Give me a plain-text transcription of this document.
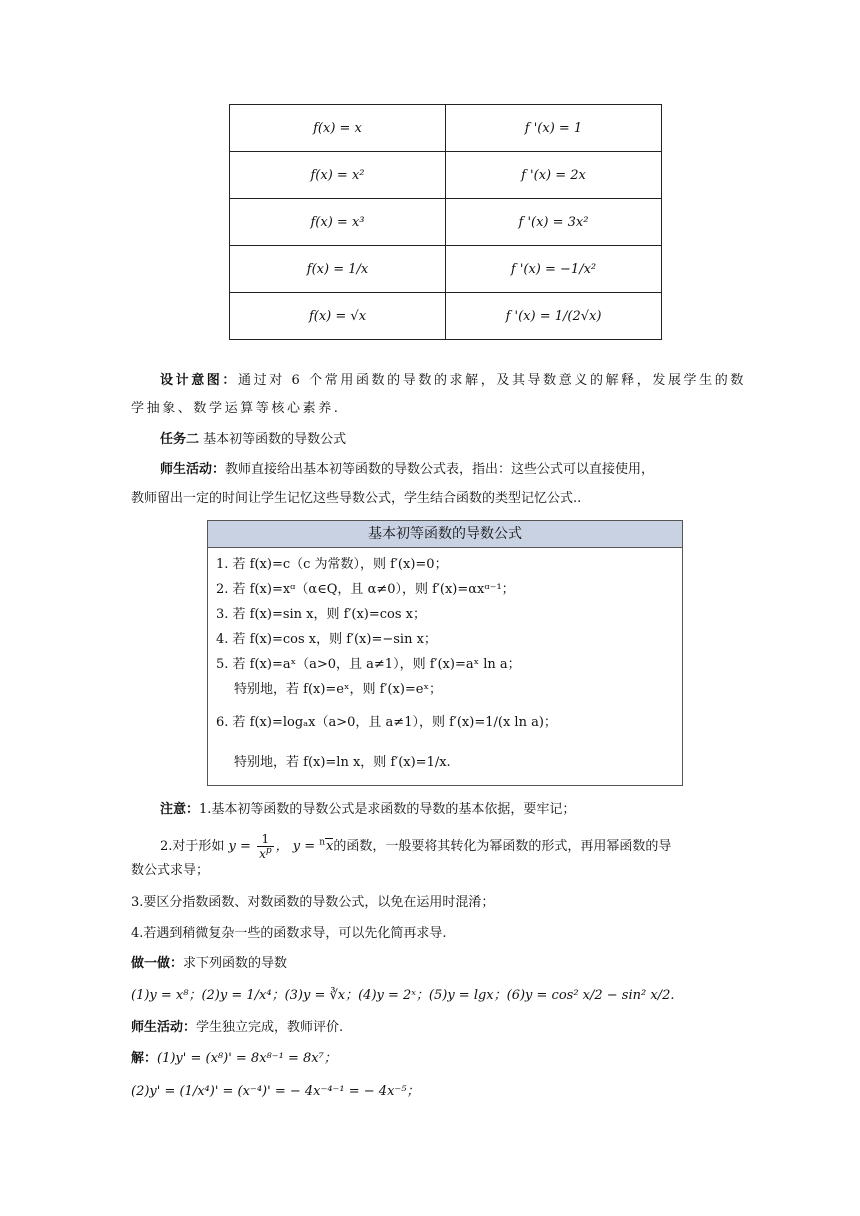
f(x) = x	f '(x) = 1
f(x) = x²	f '(x) = 2x
f(x) = x³	f '(x) = 3x²
f(x) = 1/x	f '(x) = −1/x²
f(x) = √x	f '(x) = 1/(2√x)
设计意图：通过对 6 个常用函数的导数的求解，及其导数意义的解释，发展学生的数
学抽象、数学运算等核心素养.
任务二 基本初等函数的导数公式
师生活动：教师直接给出基本初等函数的导数公式表，指出：这些公式可以直接使用，
教师留出一定的时间让学生记忆这些导数公式，学生结合函数的类型记忆公式..
基本初等函数的导数公式
1. 若 f(x)=c（c 为常数），则 f′(x)=0；
2. 若 f(x)=xᵅ（α∈Q，且 α≠0），则 f′(x)=αxᵅ⁻¹；
3. 若 f(x)=sin x，则 f′(x)=cos x；
4. 若 f(x)=cos x，则 f′(x)=−sin x；
5. 若 f(x)=aˣ（a>0，且 a≠1），则 f′(x)=aˣ ln a；
特别地，若 f(x)=eˣ，则 f′(x)=eˣ；
6. 若 f(x)=logₐx（a>0，且 a≠1），则 f′(x)=1/(x ln a)；
特别地，若 f(x)=ln x，则 f′(x)=1/x.
注意：1.基本初等函数的导数公式是求函数的导数的基本依据，要牢记；
2.对于形如 $y = \frac{1}{x^p}$ ， y = $^n$x的函数，一般要将其转化为幂函数的形式，再用幂函数的导
数公式求导；
3.要区分指数函数、对数函数的导数公式，以免在运用时混淆；
4.若遇到稍微复杂一些的函数求导，可以先化简再求导.
做一做：求下列函数的导数
(1)y = x⁸；(2)y = 1/x⁴；(3)y = ∛x；(4)y = 2ˣ；(5)y = lgx；(6)y = cos² x/2 − sin² x/2.
师生活动：学生独立完成，教师评价.
解：(1)y' = (x⁸)' = 8x⁸⁻¹ = 8x⁷；
(2)y' = (1/x⁴)' = (x⁻⁴)' = − 4x⁻⁴⁻¹ = − 4x⁻⁵；
